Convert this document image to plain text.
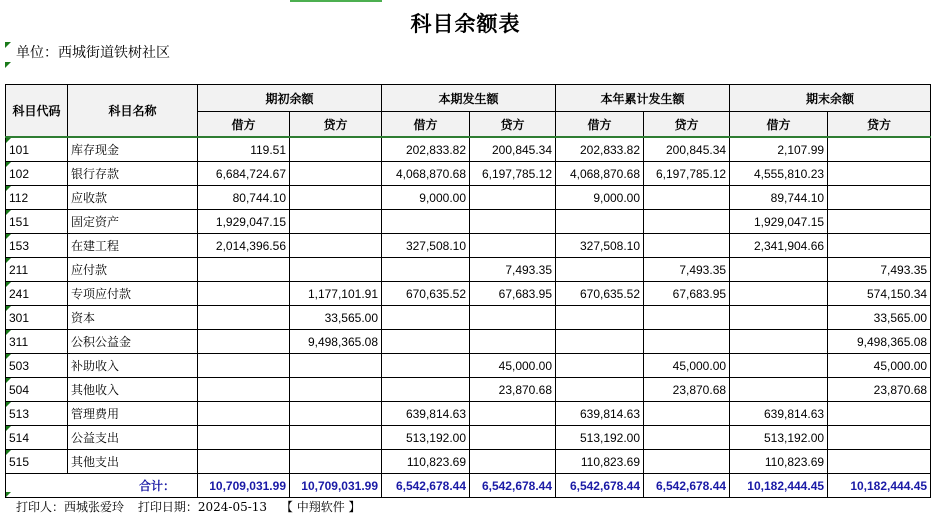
科目余额表
单位：西城街道铁树社区
科目代码	科目名称	期初余额		本期发生额		本年累计发生额		期末余额	
		借方	贷方	借方	贷方	借方	贷方	借方	贷方
101	库存现金	119.51		202,833.82	200,845.34	202,833.82	200,845.34	2,107.99	
102	银行存款	6,684,724.67		4,068,870.68	6,197,785.12	4,068,870.68	6,197,785.12	4,555,810.23	
112	应收款	80,744.10		9,000.00		9,000.00		89,744.10	
151	固定资产	1,929,047.15						1,929,047.15	
153	在建工程	2,014,396.56		327,508.10		327,508.10		2,341,904.66	
211	应付款				7,493.35		7,493.35		7,493.35
241	专项应付款		1,177,101.91	670,635.52	67,683.95	670,635.52	67,683.95		574,150.34
301	资本		33,565.00						33,565.00
311	公积公益金		9,498,365.08						9,498,365.08
503	补助收入				45,000.00		45,000.00		45,000.00
504	其他收入				23,870.68		23,870.68		23,870.68
513	管理费用			639,814.63		639,814.63		639,814.63	
514	公益支出			513,192.00		513,192.00		513,192.00	
515	其他支出			110,823.69		110,823.69		110,823.69	
合计：		10,709,031.99	10,709,031.99	6,542,678.44	6,542,678.44	6,542,678.44	6,542,678.44	10,182,444.45	10,182,444.45
打印人：西城张爱玲 打印日期：2024-05-13 【 中翔软件 】
